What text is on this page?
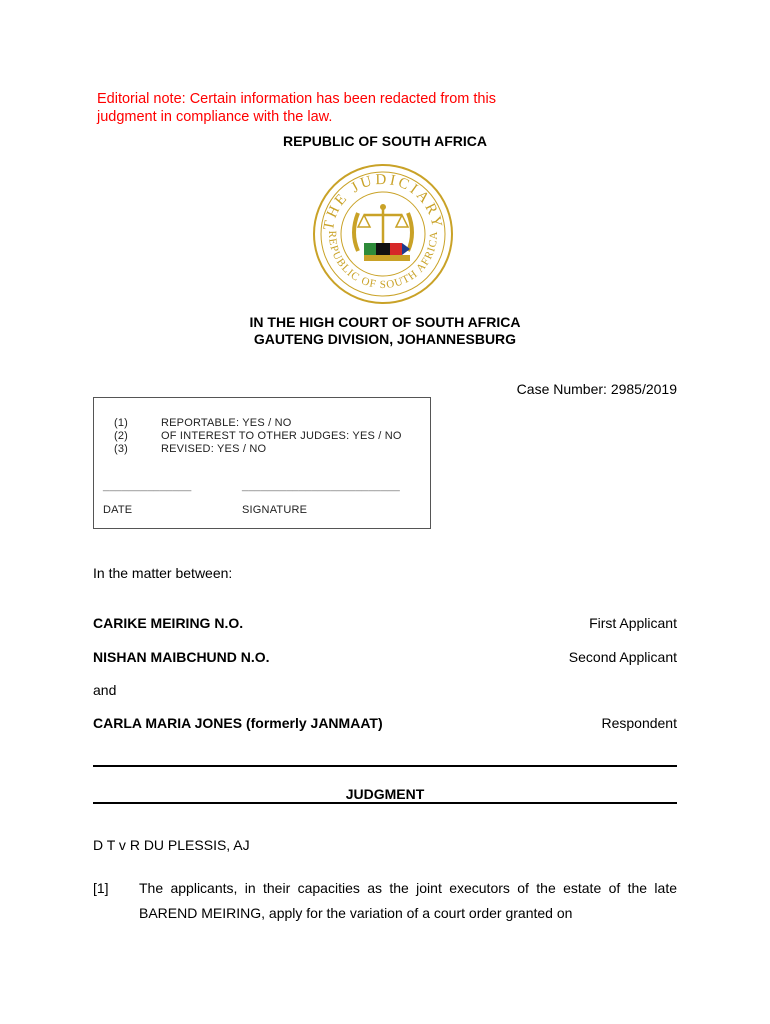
Editorial note: Certain information has been redacted from this judgment in compliance with the law.
REPUBLIC OF SOUTH AFRICA
THE JUDICIARY
REPUBLIC OF SOUTH AFRICA
IN THE HIGH COURT OF SOUTH AFRICA
GAUTENG DIVISION, JOHANNESBURG
Case Number: 2985/2019
(1)	REPORTABLE: YES / NO
(2)	OF INTEREST TO OTHER JUDGES: YES / NO
(3)	REVISED: YES / NO
______________	_________________________
DATE	SIGNATURE
In the matter between:
CARIKE MEIRING N.O.	First Applicant
NISHAN MAIBCHUND N.O.	Second Applicant
and
CARLA MARIA JONES (formerly JANMAAT)	Respondent
JUDGMENT
D T v R DU PLESSIS, AJ
[1] The applicants, in their capacities as the joint executors of the estate of the late BAREND MEIRING, apply for the variation of a court order granted on
